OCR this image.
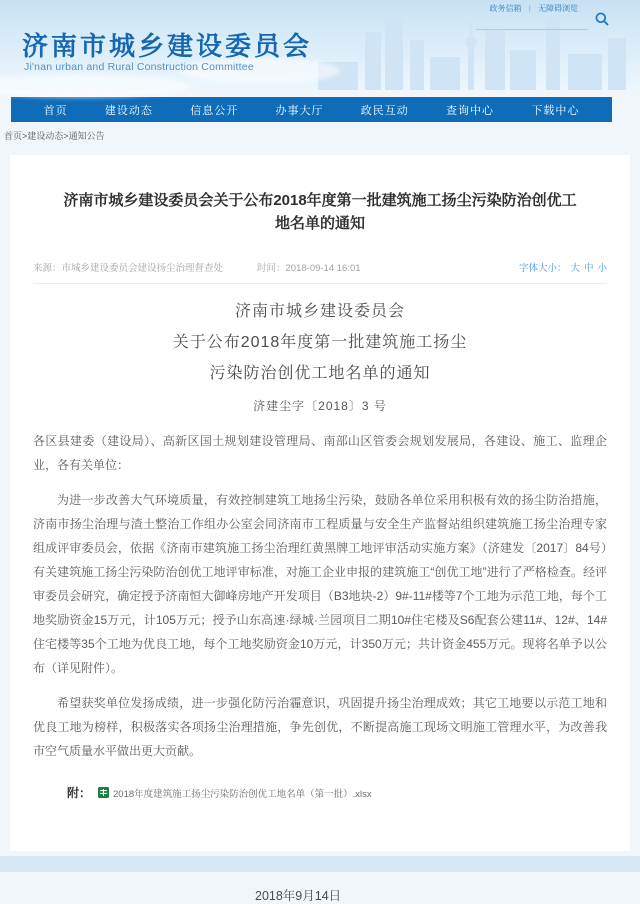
政务信箱 | 无障碍浏览
济南市城乡建设委员会
Ji'nan urban and Rural Construction Committee
首页	建设动态	信息公开	办事大厅	政民互动	查询中心	下载中心
首页>建设动态>通知公告
济南市城乡建设委员会关于公布2018年度第一批建筑施工扬尘污染防治创优工地名单的通知
来源：市城乡建设委员会建设扬尘治理督查处	时间：2018-09-14 16:01	字体大小： 大 中 小
济南市城乡建设委员会
关于公布2018年度第一批建筑施工扬尘
污染防治创优工地名单的通知
济建尘字〔2018〕3 号

各区县建委（建设局）、高新区国土规划建设管理局、南部山区管委会规划发展局，各建设、施工、监理企业，各有关单位：

为进一步改善大气环境质量，有效控制建筑工地扬尘污染，鼓励各单位采用积极有效的扬尘防治措施，济南市扬尘治理与渣土整治工作组办公室会同济南市工程质量与安全生产监督站组织建筑施工扬尘治理专家组成评审委员会，依据《济南市建筑施工扬尘治理红黄黑牌工地评审活动实施方案》（济建发〔2017〕84号）有关建筑施工扬尘污染防治创优工地评审标准，对施工企业申报的建筑施工“创优工地”进行了严格检查。经评审委员会研究，确定授予济南恒大御峰房地产开发项目（B3地块-2）9#-11#楼等7个工地为示范工地，每个工地奖励资金15万元，计105万元；授予山东高速·绿城·兰园项目二期10#住宅楼及S6配套公建11#、12#、14#住宅楼等35个工地为优良工地，每个工地奖励资金10万元，计350万元；共计资金455万元。现将名单予以公布（详见附件）。

希望获奖单位发扬成绩，进一步强化防污治霾意识，巩固提升扬尘治理成效；其它工地要以示范工地和优良工地为榜样，积极落实各项扬尘治理措施，争先创优，不断提高施工现场文明施工管理水平，为改善我市空气质量水平做出更大贡献。

附： 2018年度建筑施工扬尘污染防治创优工地名单（第一批）.xlsx
2018年9月14日
